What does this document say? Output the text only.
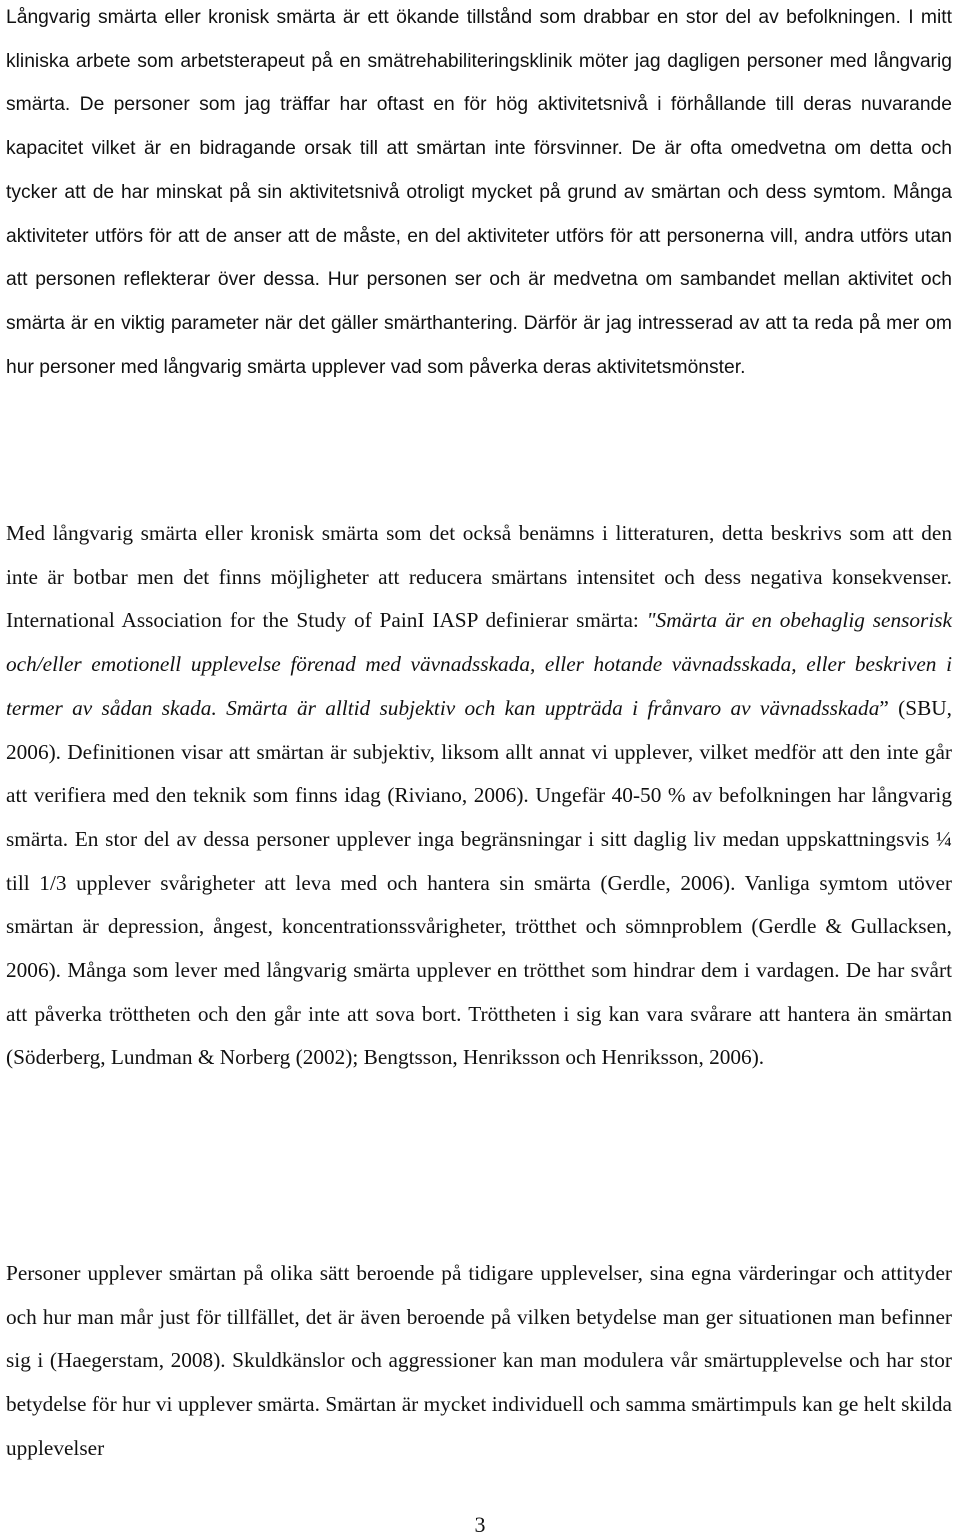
Långvarig smärta eller kronisk smärta är ett ökande tillstånd som drabbar en stor del av befolkningen. I mitt kliniska arbete som arbetsterapeut på en smätrehabiliteringsklinik möter jag dagligen personer med långvarig smärta. De personer som jag träffar har oftast en för hög aktivitetsnivå i förhållande till deras nuvarande kapacitet vilket är en bidragande orsak till att smärtan inte försvinner. De är ofta omedvetna om detta och tycker att de har minskat på sin aktivitetsnivå otroligt mycket på grund av smärtan och dess symtom. Många aktiviteter utförs för att de anser att de måste, en del aktiviteter utförs för att personerna vill, andra utförs utan att personen reflekterar över dessa. Hur personen ser och är medvetna om sambandet mellan aktivitet och smärta är en viktig parameter när det gäller smärthantering. Därför är jag intresserad av att ta reda på mer om hur personer med långvarig smärta upplever vad som påverka deras aktivitetsmönster.

Med långvarig smärta eller kronisk smärta som det också benämns i litteraturen, detta beskrivs som att den inte är botbar men det finns möjligheter att reducera smärtans intensitet och dess negativa konsekvenser. International Association for the Study of PainI IASP definierar smärta: "Smärta är en obehaglig sensorisk och/eller emotionell upplevelse förenad med vävnadsskada, eller hotande vävnadsskada, eller beskriven i termer av sådan skada. Smärta är alltid subjektiv och kan uppträda i frånvaro av vävnadsskada” (SBU, 2006). Definitionen visar att smärtan är subjektiv, liksom allt annat vi upplever, vilket medför att den inte går att verifiera med den teknik som finns idag (Riviano, 2006). Ungefär 40-50 % av befolkningen har långvarig smärta. En stor del av dessa personer upplever inga begränsningar i sitt daglig liv medan uppskattningsvis ¼ till 1/3 upplever svårigheter att leva med och hantera sin smärta (Gerdle, 2006). Vanliga symtom utöver smärtan är depression, ångest, koncentrationssvårigheter, trötthet och sömnproblem (Gerdle & Gullacksen, 2006). Många som lever med långvarig smärta upplever en trötthet som hindrar dem i vardagen. De har svårt att påverka tröttheten och den går inte att sova bort. Tröttheten i sig kan vara svårare att hantera än smärtan (Söderberg, Lundman & Norberg (2002); Bengtsson, Henriksson och Henriksson, 2006).

Personer upplever smärtan på olika sätt beroende på tidigare upplevelser, sina egna värderingar och attityder och hur man mår just för tillfället, det är även beroende på vilken betydelse man ger situationen man befinner sig i (Haegerstam, 2008). Skuldkänslor och aggressioner kan man modulera vår smärtupplevelse och har stor betydelse för hur vi upplever smärta. Smärtan är mycket individuell och samma smärtimpuls kan ge helt skilda upplevelser

3
